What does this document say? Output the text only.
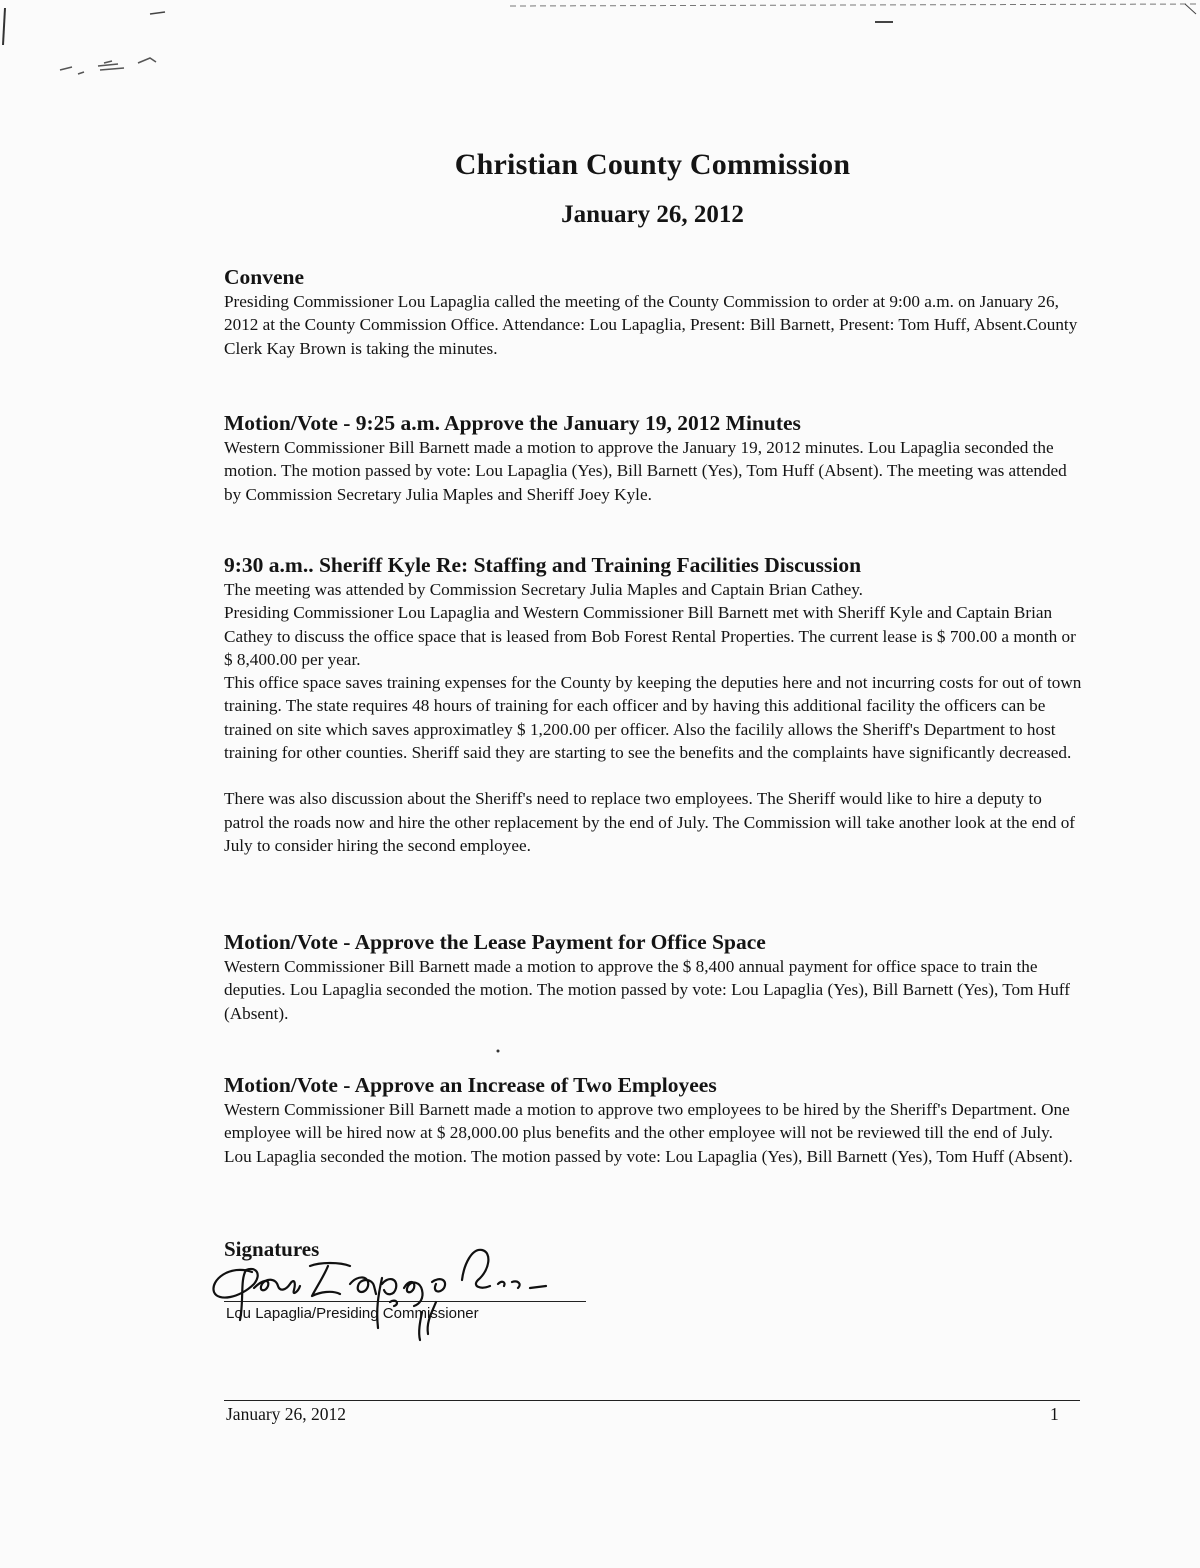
Christian County Commission
January 26, 2012
Convene

Presiding Commissioner Lou Lapaglia called the meeting of the County Commission to order at 9:00 a.m. on January 26, 2012 at the County Commission Office. Attendance: Lou Lapaglia, Present: Bill Barnett, Present: Tom Huff, Absent.County Clerk Kay Brown is taking the minutes.

Motion/Vote - 9:25 a.m. Approve the January 19, 2012 Minutes

Western Commissioner Bill Barnett made a motion to approve the January 19, 2012 minutes. Lou Lapaglia seconded the motion. The motion passed by vote: Lou Lapaglia (Yes), Bill Barnett (Yes), Tom Huff (Absent). The meeting was attended by Commission Secretary Julia Maples and Sheriff Joey Kyle.

9:30 a.m.. Sheriff Kyle Re: Staffing and Training Facilities Discussion

The meeting was attended by Commission Secretary Julia Maples and Captain Brian Cathey.

Presiding Commissioner Lou Lapaglia and Western Commissioner Bill Barnett met with Sheriff Kyle and Captain Brian Cathey to discuss the office space that is leased from Bob Forest Rental Properties. The current lease is $ 700.00 a month or $ 8,400.00 per year.

This office space saves training expenses for the County by keeping the deputies here and not incurring costs for out of town training. The state requires 48 hours of training for each officer and by having this additional facility the officers can be trained on site which saves approximatley $ 1,200.00 per officer. Also the facilily allows the Sheriff's Department to host training for other counties. Sheriff said they are starting to see the benefits and the complaints have significantly decreased.

There was also discussion about the Sheriff's need to replace two employees. The Sheriff would like to hire a deputy to patrol the roads now and hire the other replacement by the end of July. The Commission will take another look at the end of July to consider hiring the second employee.

Motion/Vote - Approve the Lease Payment for Office Space

Western Commissioner Bill Barnett made a motion to approve the $ 8,400 annual payment for office space to train the deputies. Lou Lapaglia seconded the motion. The motion passed by vote: Lou Lapaglia (Yes), Bill Barnett (Yes), Tom Huff (Absent).

Motion/Vote - Approve an Increase of Two Employees

Western Commissioner Bill Barnett made a motion to approve two employees to be hired by the Sheriff's Department. One employee will be hired now at $ 28,000.00 plus benefits and the other employee will not be reviewed till the end of July. Lou Lapaglia seconded the motion. The motion passed by vote: Lou Lapaglia (Yes), Bill Barnett (Yes), Tom Huff (Absent).

Signatures
Lou Lapaglia/Presiding Commissioner
January 26, 2012	1
